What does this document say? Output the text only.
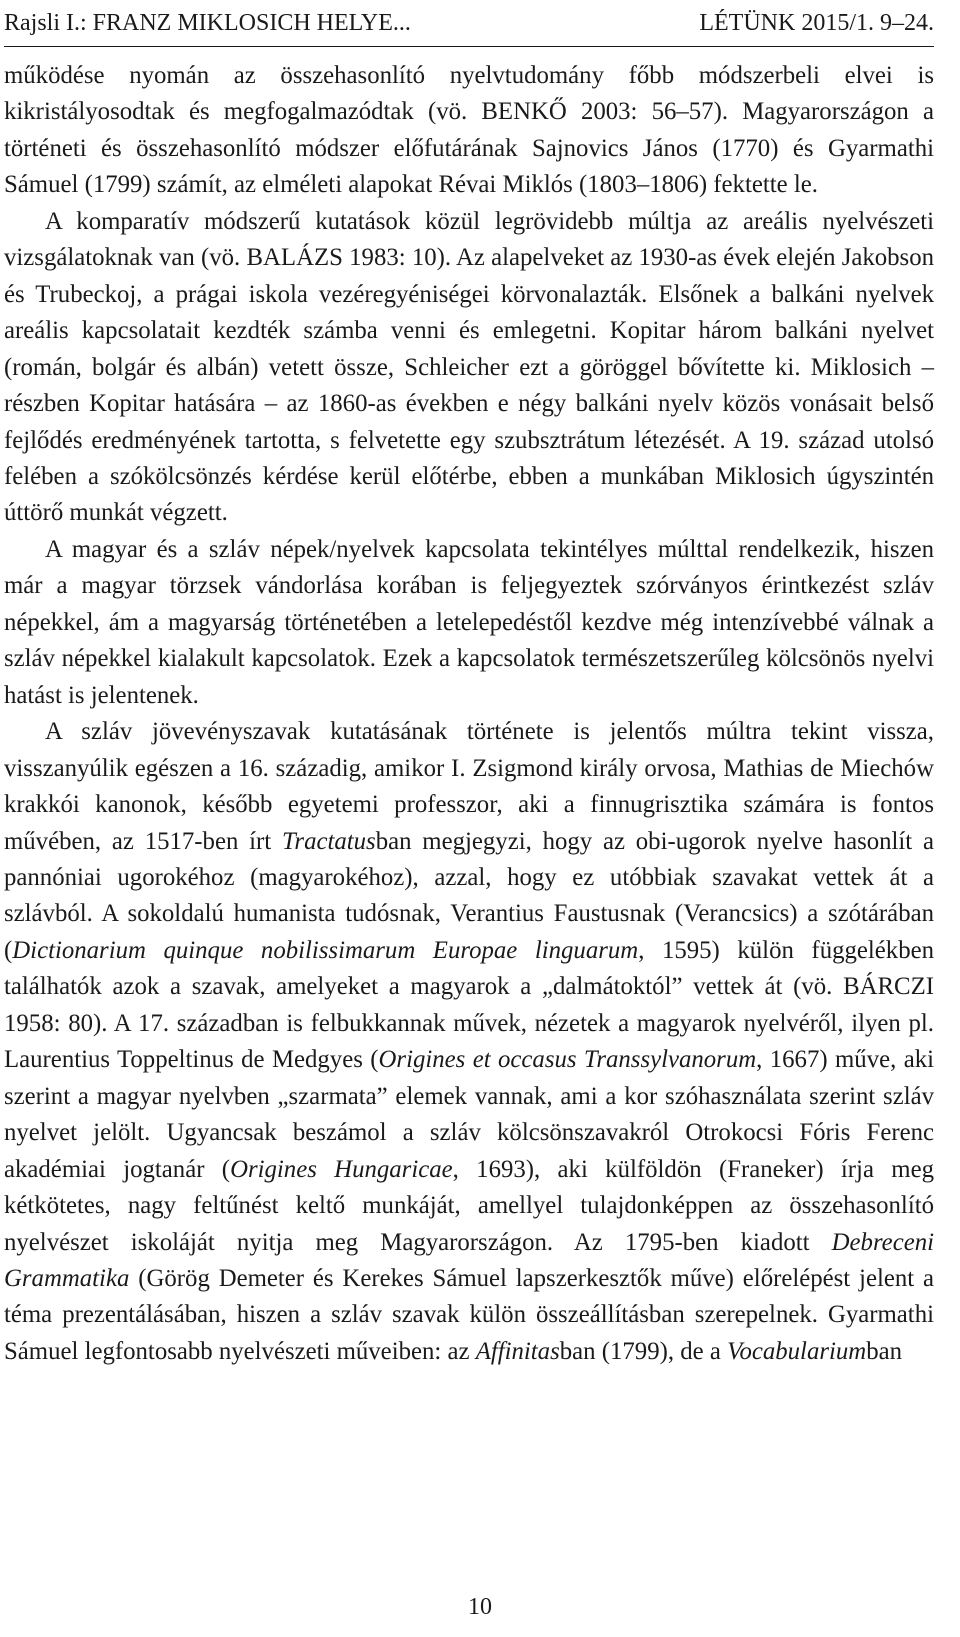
Rajsli I.: FRANZ MIKLOSICH HELYE...	LÉTÜNK 2015/1. 9–24.

működése nyomán az összehasonlító nyelvtudomány főbb módszerbeli elvei is kikristályosodtak és megfogalmazódtak (vö. BENKŐ 2003: 56–57). Magyarországon a történeti és összehasonlító módszer előfutárának Sajnovics János (1770) és Gyarmathi Sámuel (1799) számít, az elméleti alapokat Révai Miklós (1803–1806) fektette le.

A komparatív módszerű kutatások közül legrövidebb múltja az areális nyelvészeti vizsgálatoknak van (vö. BALÁZS 1983: 10). Az alapelveket az 1930-as évek elején Jakobson és Trubeckoj, a prágai iskola vezéregyéniségei körvonalazták. Elsőnek a balkáni nyelvek areális kapcsolatait kezdték számba venni és emlegetni. Kopitar három balkáni nyelvet (román, bolgár és albán) vetett össze, Schleicher ezt a göröggel bővítette ki. Miklosich – részben Kopitar hatására – az 1860-as években e négy balkáni nyelv közös vonásait belső fejlődés eredményének tartotta, s felvetette egy szubsztrátum létezését. A 19. század utolsó felében a szókölcsönzés kérdése kerül előtérbe, ebben a munkában Miklosich úgyszintén úttörő munkát végzett.

A magyar és a szláv népek/nyelvek kapcsolata tekintélyes múlttal rendelkezik, hiszen már a magyar törzsek vándorlása korában is feljegyeztek szórványos érintkezést szláv népekkel, ám a magyarság történetében a letelepedéstől kezdve még intenzívebbé válnak a szláv népekkel kialakult kapcsolatok. Ezek a kapcsolatok természetszerűleg kölcsönös nyelvi hatást is jelentenek.

A szláv jövevényszavak kutatásának története is jelentős múltra tekint vissza, visszanyúlik egészen a 16. századig, amikor I. Zsigmond király orvosa, Mathias de Miechów krakkói kanonok, később egyetemi professzor, aki a finnugrisztika számára is fontos művében, az 1517-ben írt Tractatusban megjegyzi, hogy az obi-ugorok nyelve hasonlít a pannóniai ugorokéhoz (magyarokéhoz), azzal, hogy ez utóbbiak szavakat vettek át a szlávból. A sokoldalú humanista tudósnak, Verantius Faustusnak (Verancsics) a szótárában (Dictionarium quinque nobilissimarum Europae linguarum, 1595) külön függelékben találhatók azok a szavak, amelyeket a magyarok a „dalmátoktól” vettek át (vö. BÁRCZI 1958: 80). A 17. században is felbukkannak művek, nézetek a magyarok nyelvéről, ilyen pl. Laurentius Toppeltinus de Medgyes (Origines et occasus Transsylvanorum, 1667) műve, aki szerint a magyar nyelvben „szarmata” elemek vannak, ami a kor szóhasználata szerint szláv nyelvet jelölt. Ugyancsak beszámol a szláv kölcsönszavakról Otrokocsi Fóris Ferenc akadémiai jogtanár (Origines Hungaricae, 1693), aki külföldön (Franeker) írja meg kétkötetes, nagy feltűnést keltő munkáját, amellyel tulajdonképpen az összehasonlító nyelvészet iskoláját nyitja meg Magyarországon. Az 1795-ben kiadott Debreceni Grammatika (Görög Demeter és Kerekes Sámuel lapszerkesztők műve) előrelépést jelent a téma prezentálásában, hiszen a szláv szavak külön összeállításban szerepelnek. Gyarmathi Sámuel legfontosabb nyelvészeti műveiben: az Affinitasban (1799), de a Vocabulariumban

10
